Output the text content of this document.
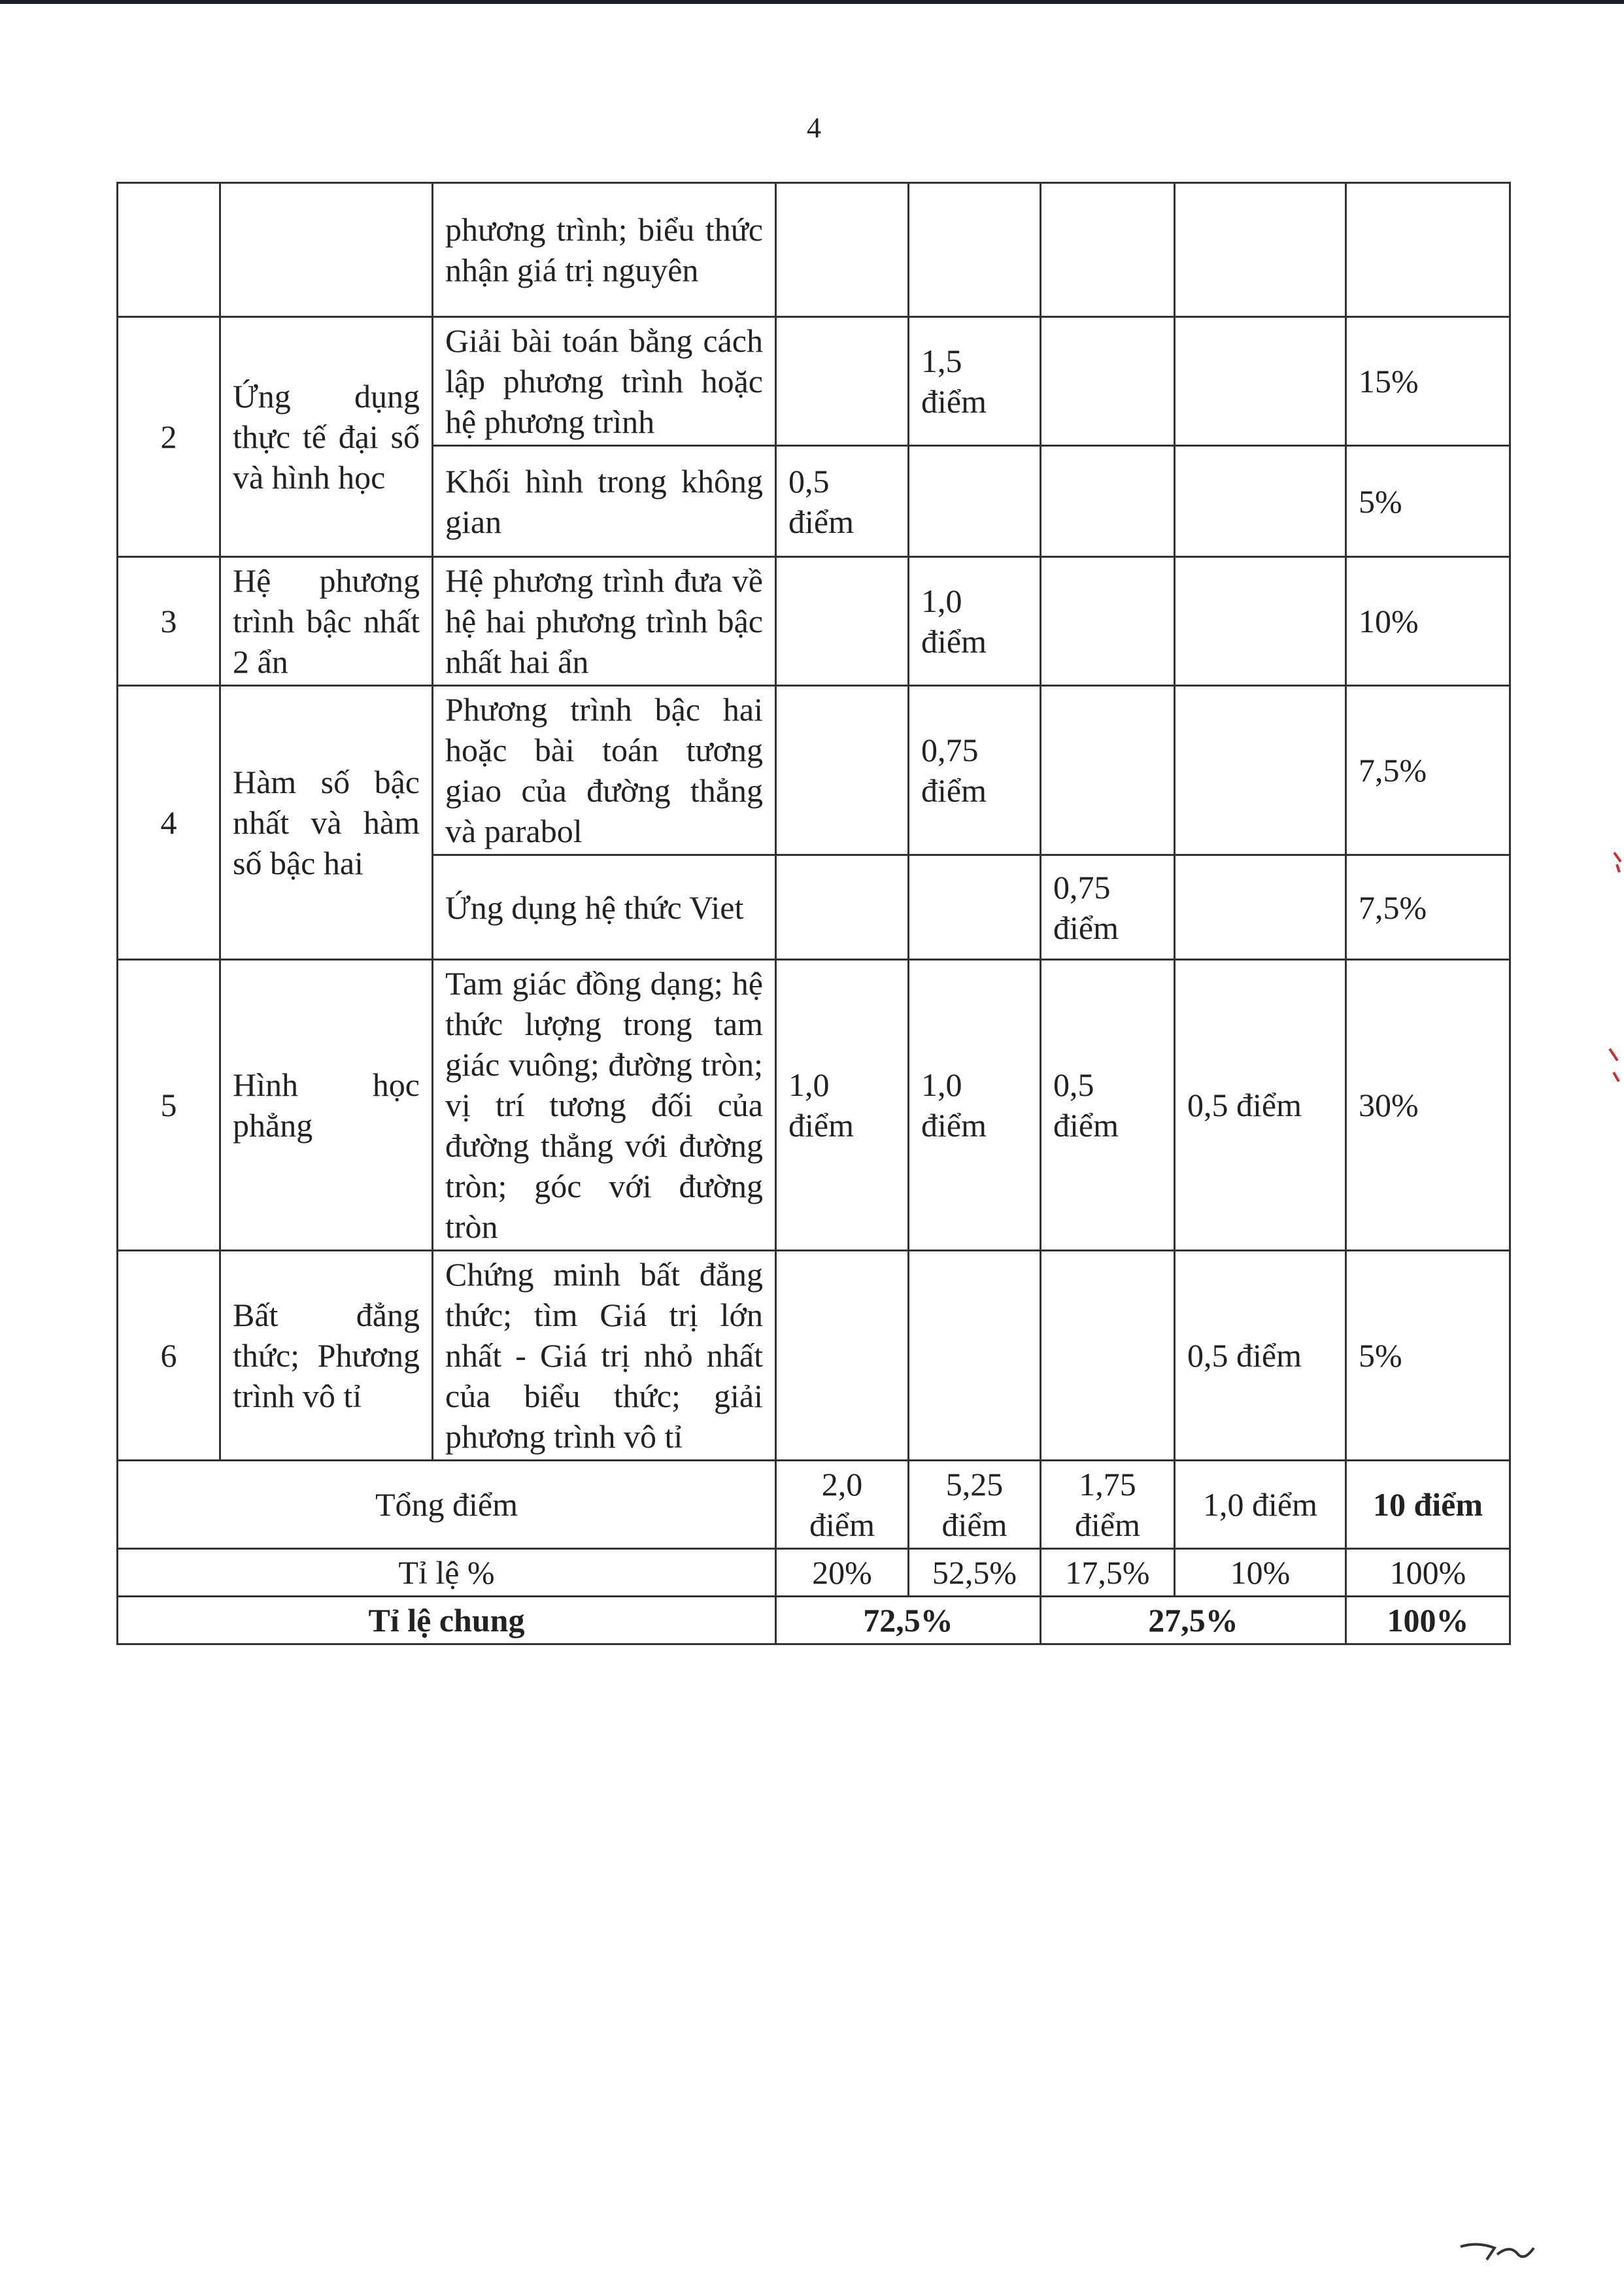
4
		phương trình; biểu thức nhận giá trị nguyên					
2	Ứng dụng thực tế đại số và hình học	Giải bài toán bằng cách lập phương trình hoặc hệ phương trình		1,5 điểm			15%
		Khối hình trong không gian	0,5 điểm				5%
3	Hệ phương trình bậc nhất 2 ẩn	Hệ phương trình đưa về hệ hai phương trình bậc nhất hai ẩn		1,0 điểm			10%
4	Hàm số bậc nhất và hàm số bậc hai	Phương trình bậc hai hoặc bài toán tương giao của đường thẳng và parabol		0,75 điểm			7,5%
		Ứng dụng hệ thức Viet			0,75 điểm		7,5%
5	Hình học phẳng	Tam giác đồng dạng; hệ thức lượng trong tam giác vuông; đường tròn; vị trí tương đối của đường thẳng với đường tròn; góc với đường tròn	1,0 điểm	1,0 điểm	0,5 điểm	0,5 điểm	30%
6	Bất đẳng thức; Phương trình vô tỉ	Chứng minh bất đẳng thức; tìm Giá trị lớn nhất - Giá trị nhỏ nhất của biểu thức; giải phương trình vô tỉ				0,5 điểm	5%
Tổng điểm			2,0 điểm	5,25 điểm	1,75 điểm	1,0 điểm	10 điểm
Tỉ lệ %			20%	52,5%	17,5%	10%	100%
Tỉ lệ chung			72,5%		27,5%		100%
